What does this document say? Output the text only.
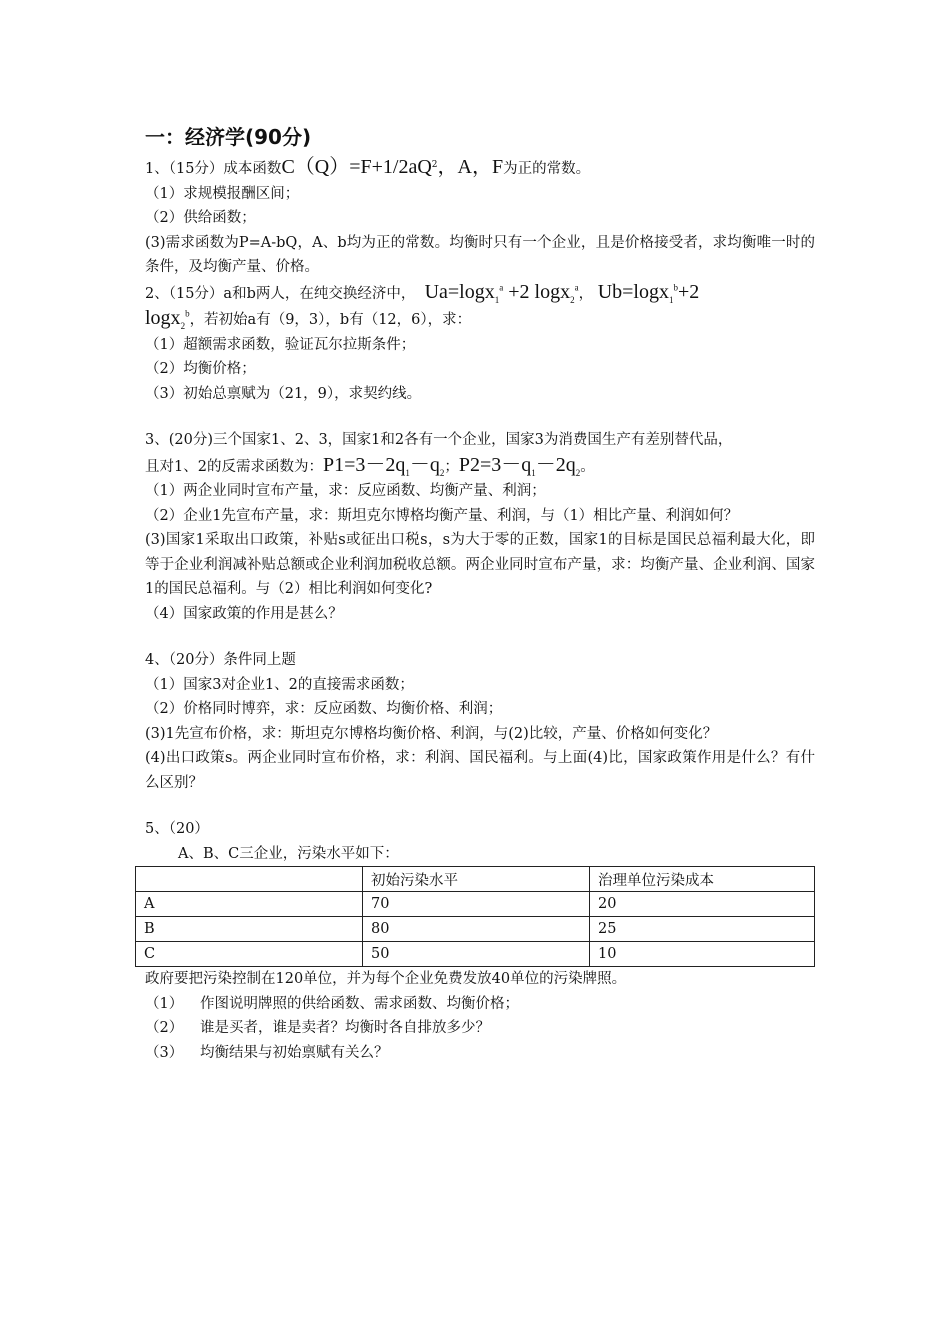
一：经济学(90分)

1、（15分）成本函数$C(Q)=F+1/2aQ^2$，A，F为正的常数。

（1）求规模报酬区间；

（2）供给函数；

(3)需求函数为P=A-bQ，A、b均为正的常数。均衡时只有一个企业，且是价格接受者，求均衡唯一时的条件，及均衡产量、价格。

2、（15分）a和b两人，在纯交换经济中， Ua=logx$_1^a$ +2 logx$_2^a$， Ub=logx$_1^b$+2

logx$_2^b$，若初始a有（9，3），b有（12，6），求：

（1）超额需求函数，验证瓦尔拉斯条件；

（2）均衡价格；

（3）初始总禀赋为（21，9），求契约线。

3、(20分)三个国家1、2、3，国家1和2各有一个企业，国家3为消费国生产有差别替代品，

且对1、2的反需求函数为：$P1=3-2q_1-q_2$；$P2=3-q_1-2q_2$。

（1）两企业同时宣布产量，求：反应函数、均衡产量、利润；

（2）企业1先宣布产量，求：斯坦克尔博格均衡产量、利润，与（1）相比产量、利润如何？

(3)国家1采取出口政策，补贴s或征出口税s，s为大于零的正数，国家1的目标是国民总福利最大化，即等于企业利润减补贴总额或企业利润加税收总额。两企业同时宣布产量，求：均衡产量、企业利润、国家1的国民总福利。与（2）相比利润如何变化?

（4）国家政策的作用是甚么？

4、（20分）条件同上题

（1）国家3对企业1、2的直接需求函数；

（2）价格同时博弈，求：反应函数、均衡价格、利润；

(3)1先宣布价格，求：斯坦克尔博格均衡价格、利润，与(2)比较，产量、价格如何变化？

(4)出口政策s。两企业同时宣布价格，求：利润、国民福利。与上面(4)比，国家政策作用是什么？有什么区别？

5、（20）

A、B、C三企业，污染水平如下：

	初始污染水平	治理单位污染成本
A	70	20
B	80	25
C	50	10

政府要把污染控制在120单位，并为每个企业免费发放40单位的污染牌照。

（1） 作图说明牌照的供给函数、需求函数、均衡价格；

（2） 谁是买者，谁是卖者？均衡时各自排放多少？

（3） 均衡结果与初始禀赋有关么？
